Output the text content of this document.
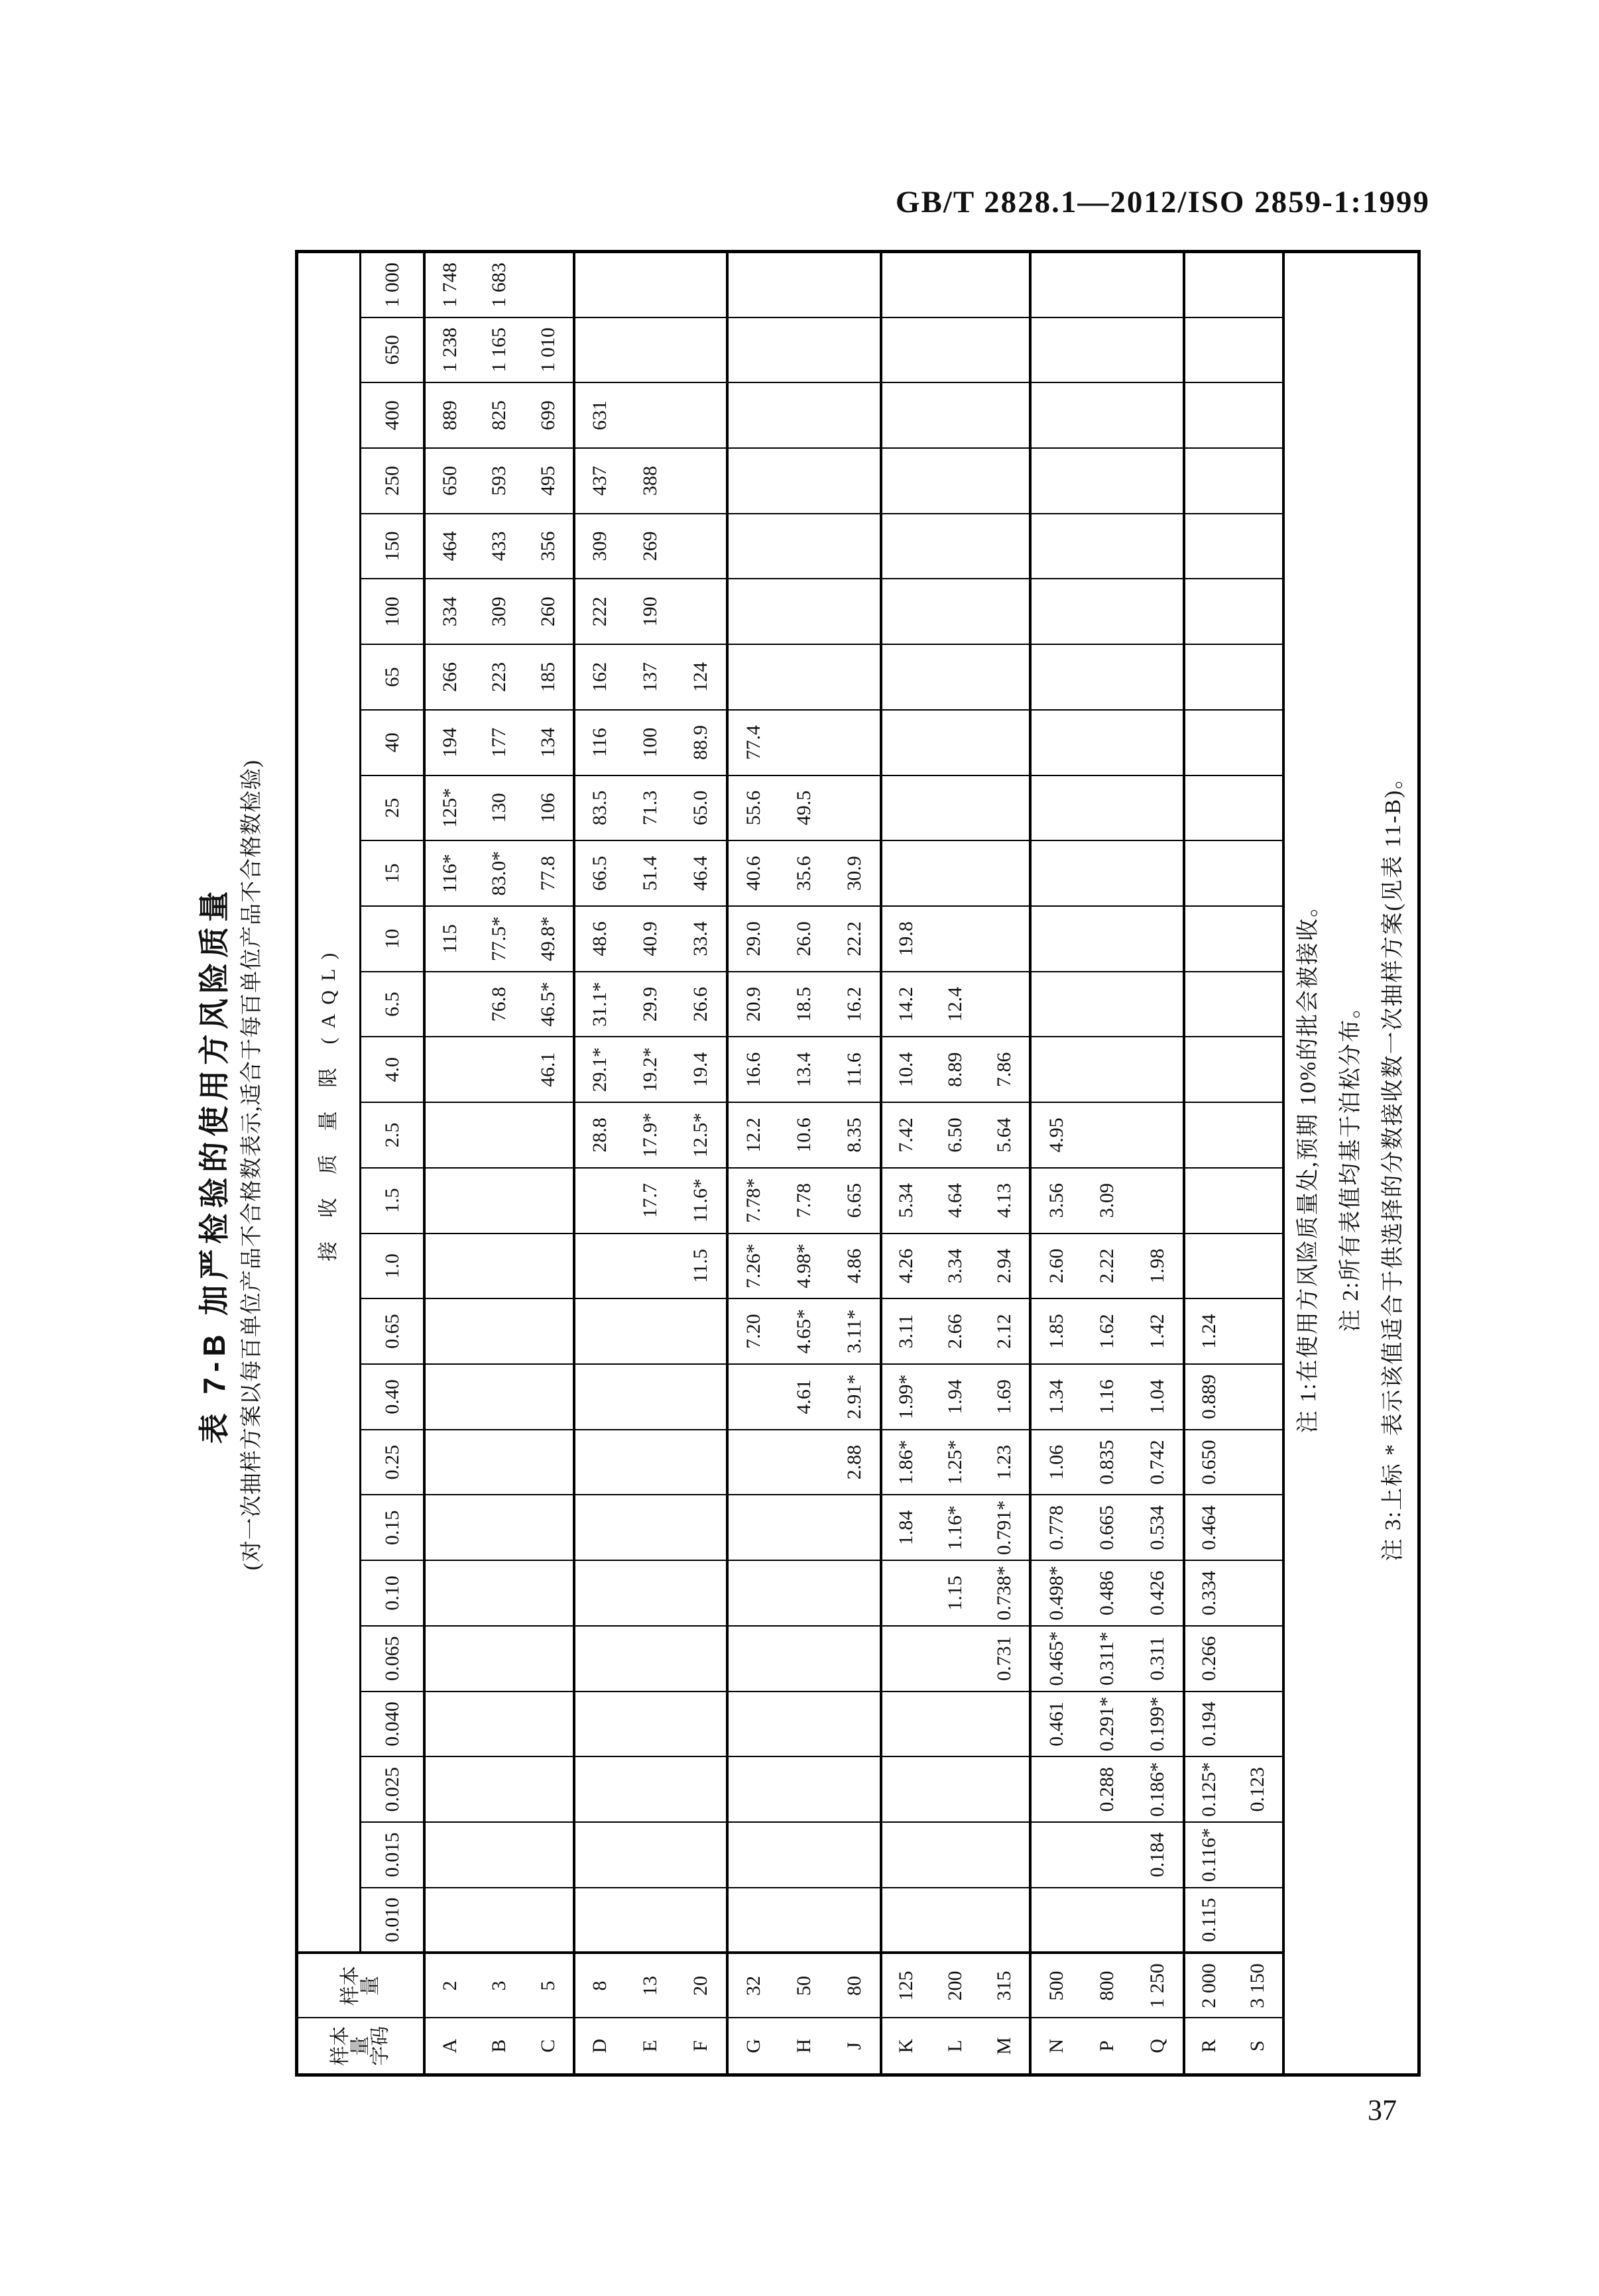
GB/T 2828.1—2012/ISO 2859-1:1999
表 7-B 加严检验的使用方风险质量 (对一次抽样方案以每百单位产品不合格数表示,适合于每百单位产品不合格数检验)
样本
量
字码	样本
量	接 收 质 量 限 (AQL)																									
		0.010	0.015	0.025	0.040	0.065	0.10	0.15	0.25	0.40	0.65	1.0	1.5	2.5	4.0	6.5	10	15	25	40	65	100	150	250	400	650	1 000
A	2																115	116*	125*	194	266	334	464	650	889	1 238	1 748
B	3															76.8	77.5*	83.0*	130	177	223	309	433	593	825	1 165	1 683
C	5														46.1	46.5*	49.8*	77.8	106	134	185	260	356	495	699	1 010	
D	8													28.8	29.1*	31.1*	48.6	66.5	83.5	116	162	222	309	437	631		
E	13												17.7	17.9*	19.2*	29.9	40.9	51.4	71.3	100	137	190	269	388			
F	20											11.5	11.6*	12.5*	19.4	26.6	33.4	46.4	65.0	88.9	124						
G	32										7.20	7.26*	7.78*	12.2	16.6	20.9	29.0	40.6	55.6	77.4							
H	50									4.61	4.65*	4.98*	7.78	10.6	13.4	18.5	26.0	35.6	49.5								
J	80								2.88	2.91*	3.11*	4.86	6.65	8.35	11.6	16.2	22.2	30.9									
K	125							1.84	1.86*	1.99*	3.11	4.26	5.34	7.42	10.4	14.2	19.8										
L	200						1.15	1.16*	1.25*	1.94	2.66	3.34	4.64	6.50	8.89	12.4											
M	315					0.731	0.738*	0.791*	1.23	1.69	2.12	2.94	4.13	5.64	7.86												
N	500				0.461	0.465*	0.498*	0.778	1.06	1.34	1.85	2.60	3.56	4.95													
P	800			0.288	0.291*	0.311*	0.486	0.665	0.835	1.16	1.62	2.22	3.09														
Q	1 250		0.184	0.186*	0.199*	0.311	0.426	0.534	0.742	1.04	1.42	1.98															
R	2 000	0.115	0.116*	0.125*	0.194	0.266	0.334	0.464	0.650	0.889	1.24																
S	3 150			0.123																							

注 1:在使用方风险质量处,预期 10%的批会被接收。 注 2:所有表值均基于泊松分布。 注 3:上标 * 表示该值适合于供选择的分数接收数一次抽样方案(见表 11-B)。																											
37
